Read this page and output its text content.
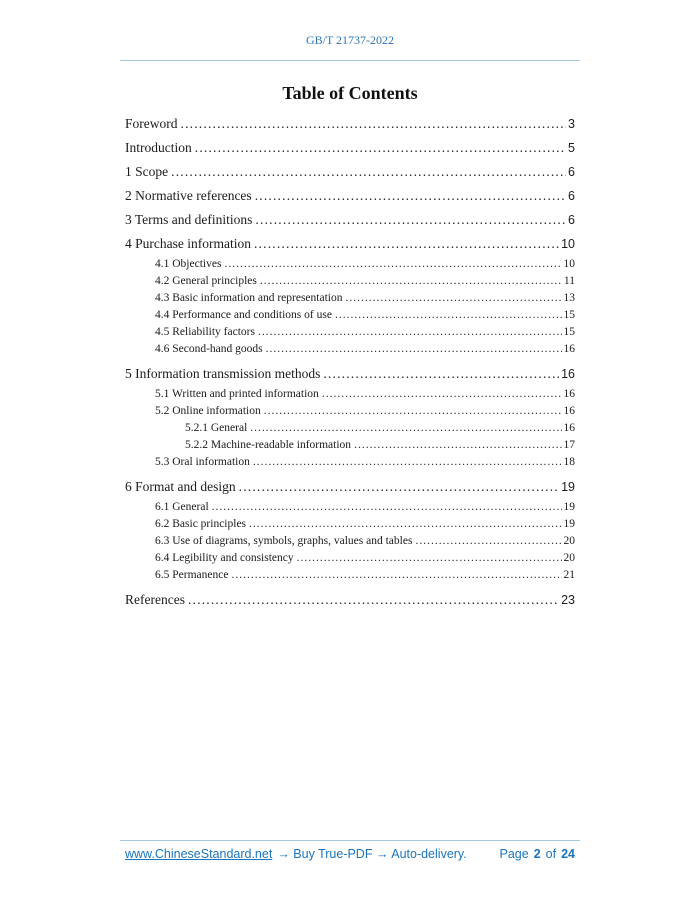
GB/T 21737-2022
Table of Contents
Foreword .....	3
Introduction .....	5
1 Scope .....	6
2 Normative references .....	6
3 Terms and definitions .....	6
4 Purchase information .....	10
4.1 Objectives .....	10
4.2 General principles .....	11
4.3 Basic information and representation .....	13
4.4 Performance and conditions of use .....	15
4.5 Reliability factors .....	15
4.6 Second-hand goods .....	16
5 Information transmission methods .....	16
5.1 Written and printed information .....	16
5.2 Online information .....	16
5.2.1 General .....	16
5.2.2 Machine-readable information .....	17
5.3 Oral information .....	18
6 Format and design .....	19
6.1 General .....	19
6.2 Basic principles .....	19
6.3 Use of diagrams, symbols, graphs, values and tables .....	20
6.4 Legibility and consistency .....	20
6.5 Permanence .....	21
References .....	23
www.ChineseStandard.net → Buy True-PDF → Auto-delivery.	Page 2 of 24
